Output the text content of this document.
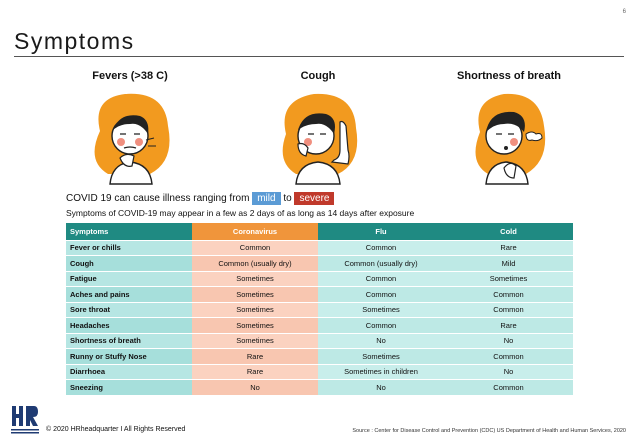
6
Symptoms
Fevers (>38 C)	Cough	Shortness of breath
COVID 19 can cause illness ranging from mild to severe
Symptoms of COVID-19 may appear in a few as 2 days of as long as 14 days after exposure
Symptoms	Coronavirus	Flu	Cold
Fever or chills	Common	Common	Rare
Cough	Common (usually dry)	Common (usually dry)	Mild
Fatigue	Sometimes	Common	Sometimes
Aches and pains	Sometimes	Common	Common
Sore throat	Sometimes	Sometimes	Common
Headaches	Sometimes	Common	Rare
Shortness of breath	Sometimes	No	No
Runny or Stuffy Nose	Rare	Sometimes	Common
Diarrhoea	Rare	Sometimes in children	No
Sneezing	No	No	Common
© 2020 HRheadquarter I All Rights Reserved	Source : Center for Disease Control and Prevention (CDC) US Department of Health and Human Services, 2020
